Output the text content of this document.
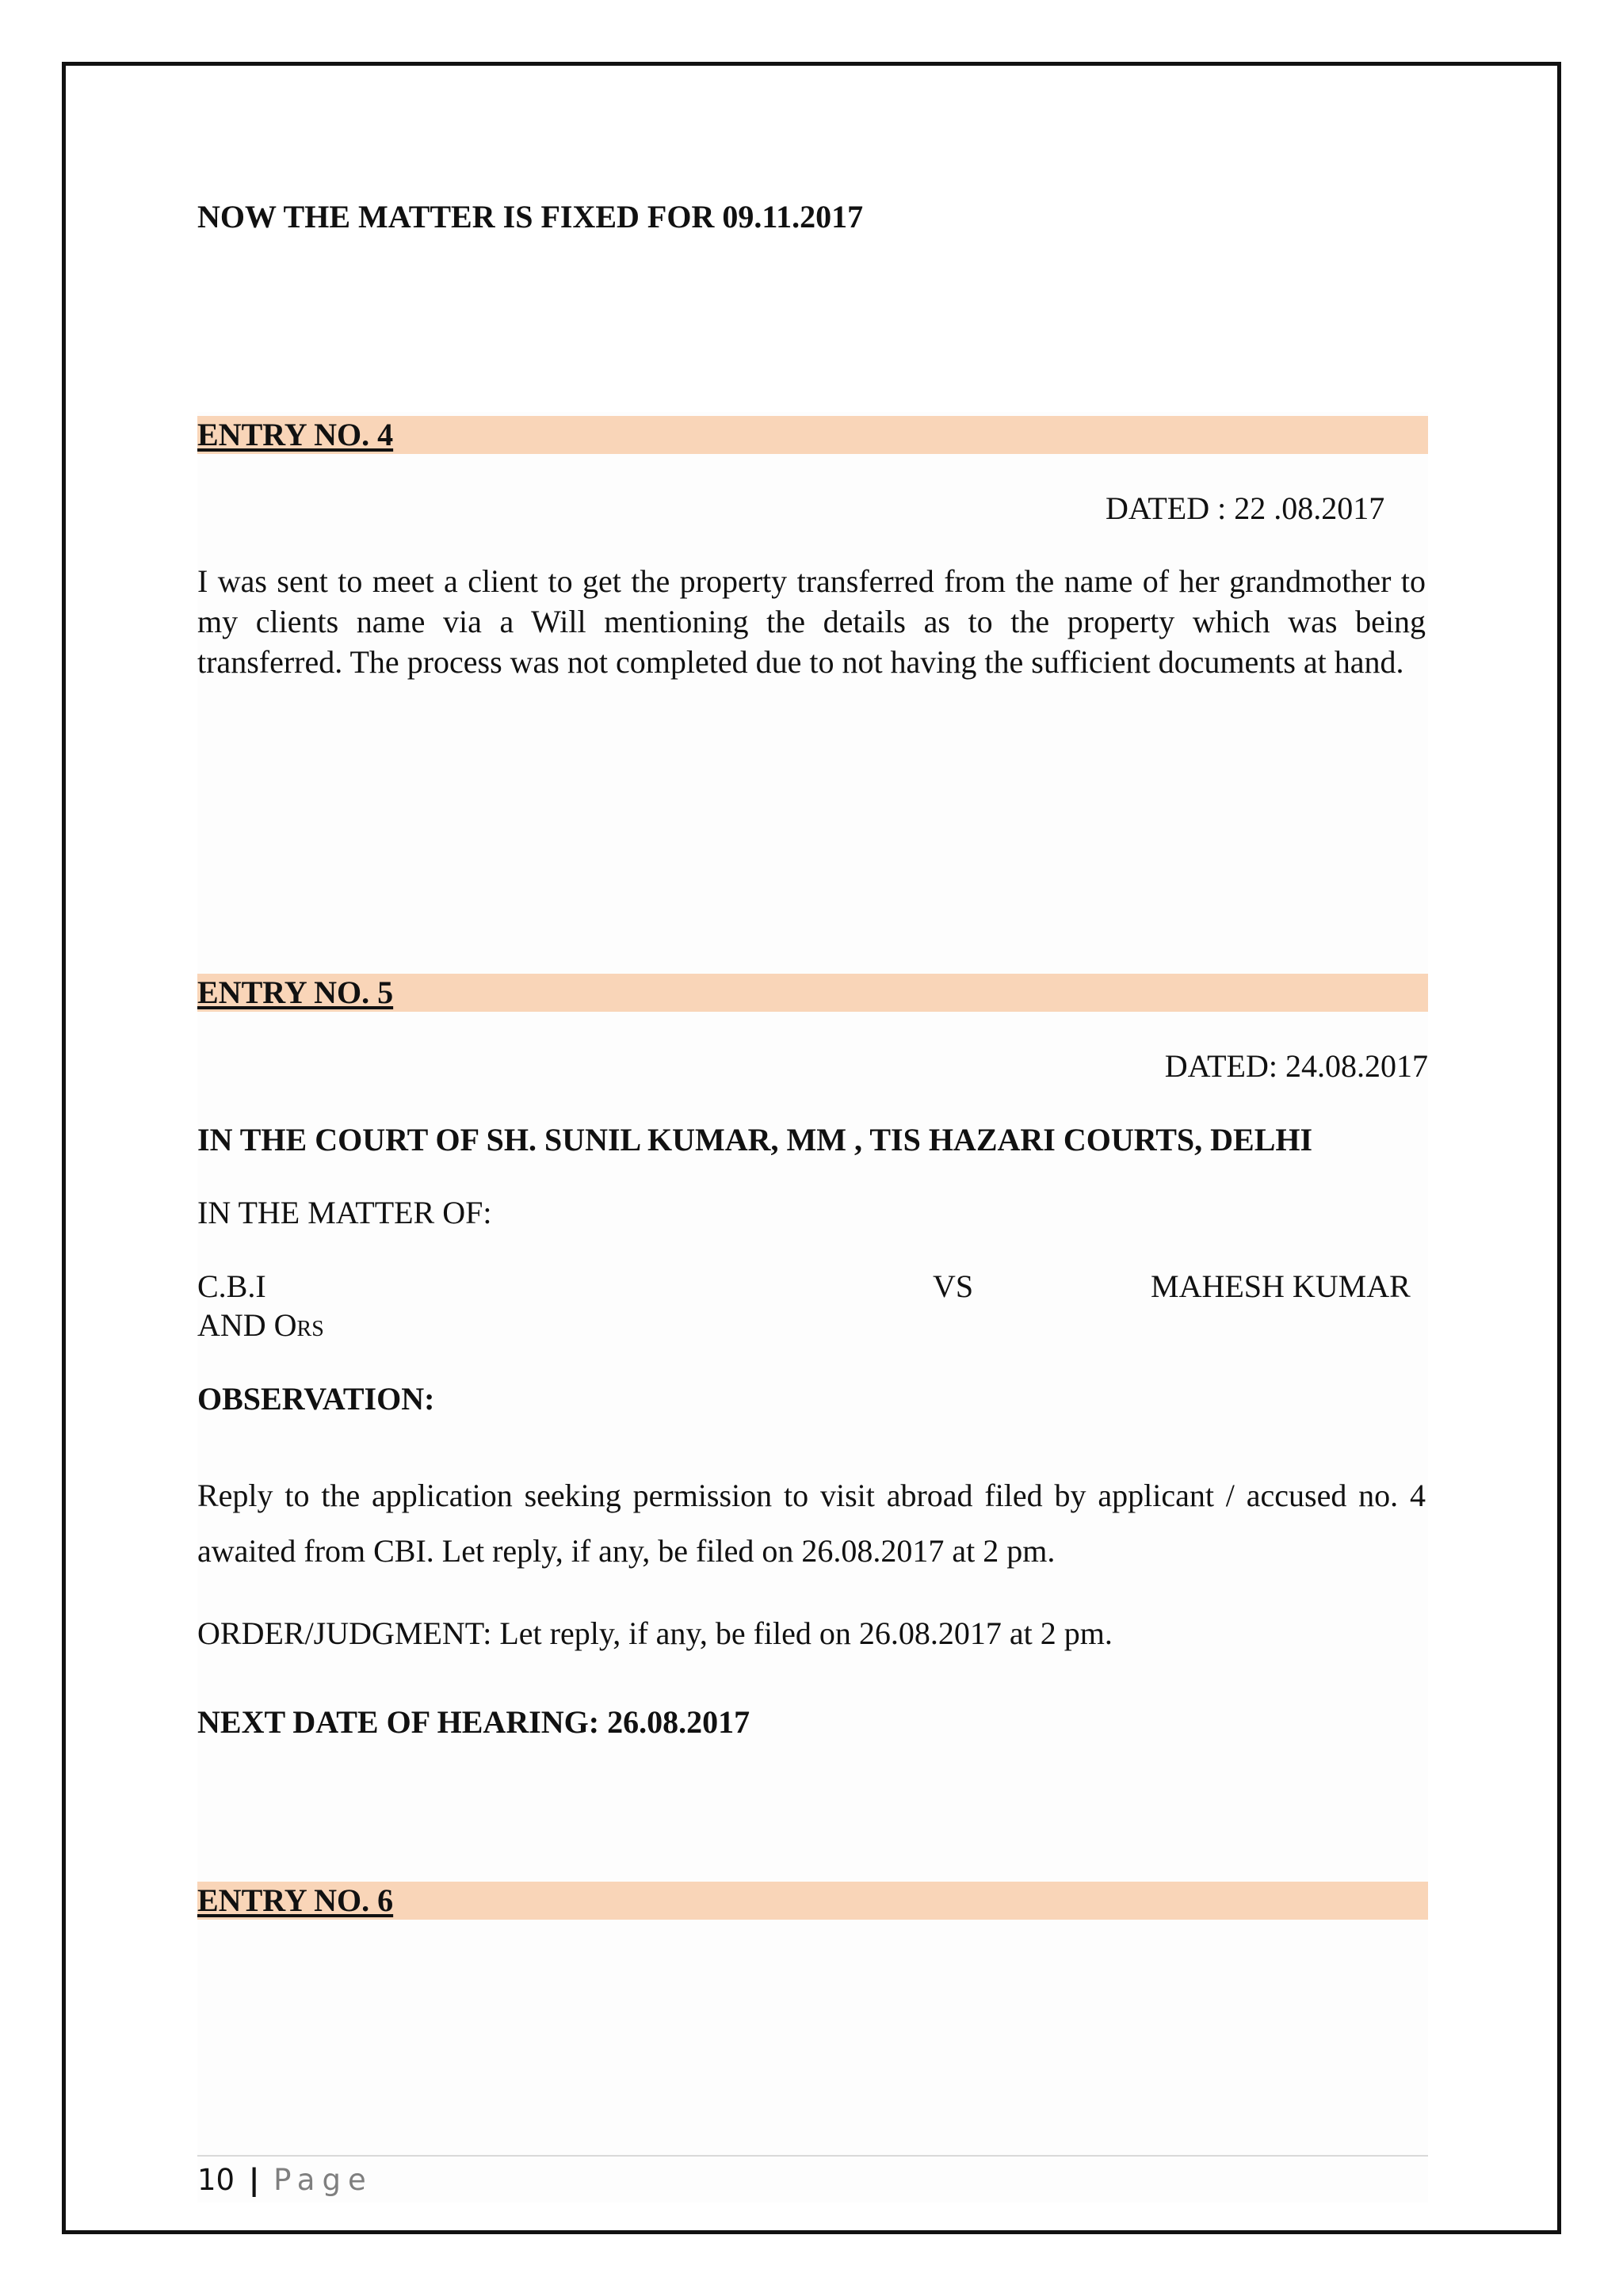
NOW THE MATTER IS FIXED FOR 09.11.2017
ENTRY NO. 4
DATED : 22 .08.2017
I was sent to meet a client to get the property transferred from the name of her grandmother to my clients name via a Will mentioning the details as to the property which was being transferred. The process was not completed due to not having the sufficient documents at hand.
ENTRY NO. 5
DATED: 24.08.2017
IN THE COURT OF SH. SUNIL KUMAR, MM , TIS HAZARI COURTS, DELHI
IN THE MATTER OF:
C.B.I	VS	MAHESH KUMAR
AND Ors
OBSERVATION:
Reply to the application seeking permission to visit abroad filed by applicant / accused no. 4 awaited from CBI. Let reply, if any, be filed on 26.08.2017 at 2 pm.
ORDER/JUDGMENT: Let reply, if any, be filed on 26.08.2017 at 2 pm.
NEXT DATE OF HEARING: 26.08.2017
ENTRY NO. 6
10 | Page
